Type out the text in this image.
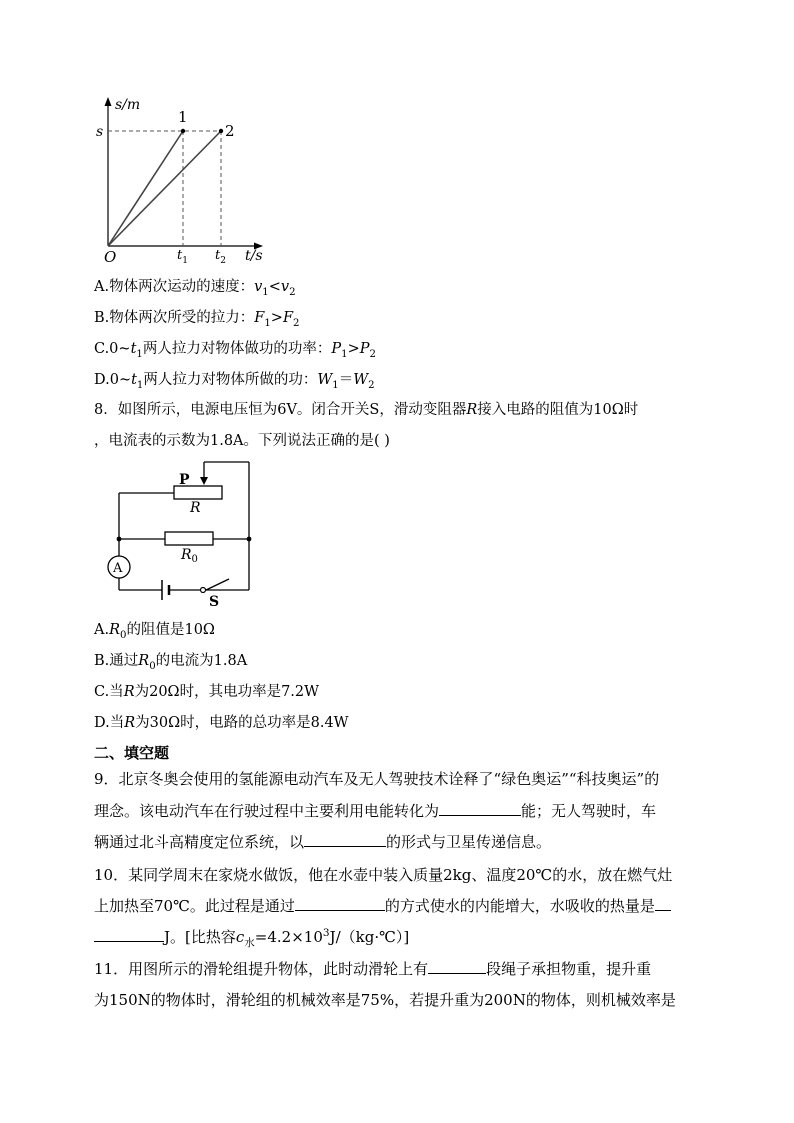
s/m
t/s
s
O
1
2
$t_1$ $t_2$
A.物体两次运动的速度：$v_1<v_2$
B.物体两次所受的拉力：$F_1>F_2$
$C.0\sim t_1$两人拉力对物体做功的功率：$P_1>P_2$
$D.0\sim t_1$两人拉力对物体所做的功：$W_1=W_2$
8．如图所示，电源电压恒为6V。闭合开关S，滑动变阻器R接入电路的阻值为10Ω时
，电流表的示数为1.8A。下列说法正确的是( )
P
R
$R_0$
A
S
$A.R_0$的阻值是10Ω
B.通过$R_0$的电流为1.8A
C.当R为20Ω时，其电功率是7.2W
D.当R为30Ω时，电路的总功率是8.4W
二、填空题
9．北京冬奥会使用的氢能源电动汽车及无人驾驶技术诠释了“绿色奥运”“科技奥运”的
理念。该电动汽车在行驶过程中主要利用电能转化为	能；无人驾驶时，车
辆通过北斗高精度定位系统，以	的形式与卫星传递信息。
10．某同学周末在家烧水做饭，他在水壶中装入质量2kg、温度20℃的水，放在燃气灶
上加热至70℃。此过程是通过	的方式使水的内能增大，水吸收的热量是
J。[比热容$c_水=4.2\times 10^3J/(kg\cdot℃)$]
11．用图所示的滑轮组提升物体，此时动滑轮上有	段绳子承担物重，提升重
为150N的物体时，滑轮组的机械效率是75%，若提升重为200N的物体，则机械效率是
